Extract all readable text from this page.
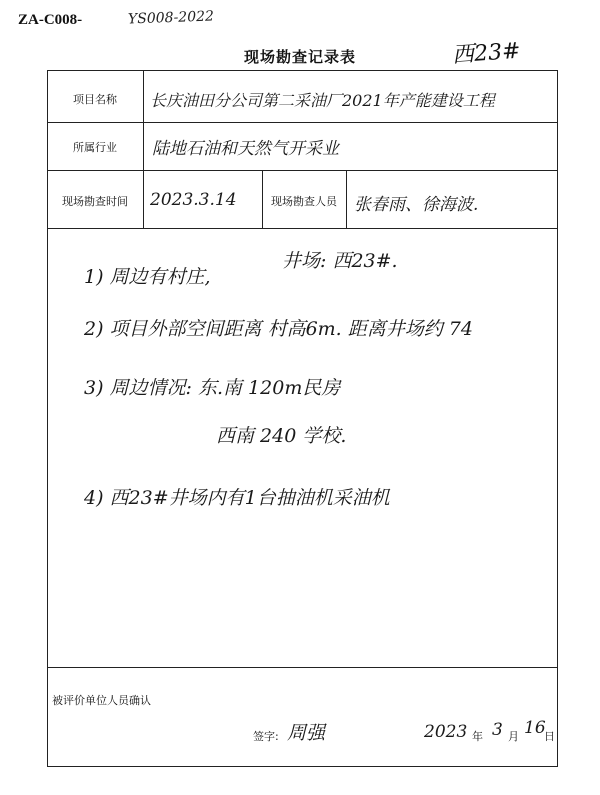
ZA-C008-	YS008-2022
现场勘查记录表	西23#
项目名称	长庆油田分公司第二采油厂2021年产能建设工程
所属行业	陆地石油和天然气开采业
现场勘查时间	2023.3.14	现场勘查人员	张春雨、徐海波.
1) 周边有村庄,
井场: 西23#.
2) 项目外部空间距离 村高6m. 距离井场约 74
3) 周边情况: 东.南 120m民房
西南 240 学校.
4) 西23#井场内有1台抽油机采油机
被评价单位人员确认
签字: 周强	2023 年 3 月 16
日
